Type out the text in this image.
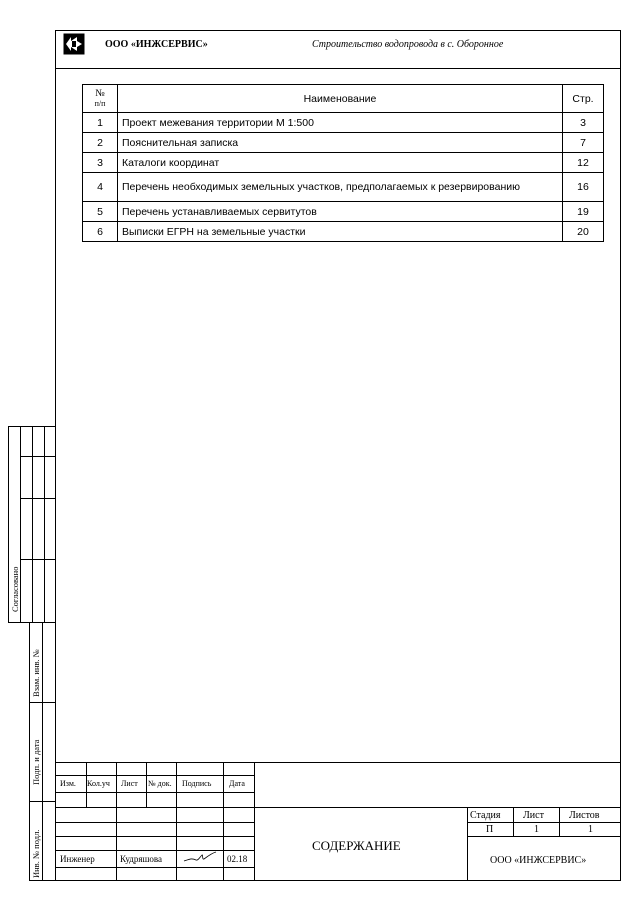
ООО «ИНЖСЕРВИС»	Строительство водопровода в с. Оборонное
№
п/п	Наименование	Стр.
1	Проект межевания территории М 1:500	3
2	Пояснительная записка	7
3	Каталоги координат	12
4	Перечень необходимых земельных участков, предполагаемых к резервированию	16
5	Перечень устанавливаемых сервитутов	19
6	Выписки ЕГРН на земельные участки	20
Согласовано
Взам. инв. №
Подп. и дата
Инв. № подл.
Изм. Кол.уч Лист № док. Подпись Дата
Инженер	Кудряшова	02.18
СОДЕРЖАНИЕ
Стадия Лист	Листов
П	1	1
ООО «ИНЖСЕРВИС»
